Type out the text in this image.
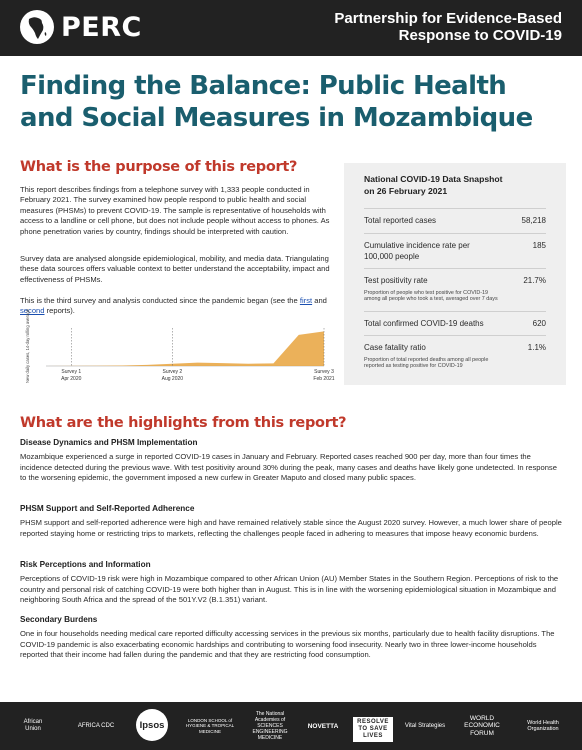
PERC	Partnership for Evidence-Based
Response to COVID-19
Finding the Balance: Public Health
and Social Measures in Mozambique
What is the purpose of this report?
This report describes findings from a telephone survey with 1,333 people conducted in February 2021. The survey examined how people respond to public health and social measures (PHSMs) to prevent COVID-19. The sample is representative of households with access to a landline or cell phone, but does not include people without access to phones. As phone penetration varies by country, findings should be interpreted with caution.
Survey data are analysed alongside epidemiological, mobility, and media data. Triangulating these data sources offers valuable context to better understand the acceptability, impact and effectiveness of PHSMs.
This is the third survey and analysis conducted since the pandemic began (see the first and second reports).
New daily cases, 14-day rolling average	Survey 1
Apr 2020
Survey 2
Aug 2020
Survey 3
Feb 2021
National COVID-19 Data Snapshot on 26 February 2021
Total reported cases	58,218
Cumulative incidence rate per 100,000 people
185
Test positivity rate	21.7%
Proportion of people who test positive for COVID-19 among all people who took a test, averaged over 7 days
Total confirmed COVID-19 deaths	620
Case fatality ratio	1.1%
Proportion of total reported deaths among all people reported as testing positive for COVID-19
What are the highlights from this report?
Disease Dynamics and PHSM Implementation
Mozambique experienced a surge in reported COVID-19 cases in January and February. Reported cases reached 900 per day, more than four times the incidence detected during the previous wave. With test positivity around 30% during the peak, many cases and deaths have likely gone undetected. In response to the worsening epidemic, the government imposed a new curfew in Greater Maputo and closed many public spaces.
PHSM Support and Self-Reported Adherence
PHSM support and self-reported adherence were high and have remained relatively stable since the August 2020 survey. However, a much lower share of people reported staying home or restricting trips to markets, reflecting the challenges people faced in adhering to measures that impose heavy economic burdens.
Risk Perceptions and Information
Perceptions of COVID-19 risk were high in Mozambique compared to other African Union (AU) Member States in the Southern Region. Perceptions of risk to the country and personal risk of catching COVID-19 were both higher than in August. This is in line with the worsening epidemiological situation in Mozambique and neighboring South Africa and the spread of the 501Y.V2 (B.1.351) variant.
Secondary Burdens
One in four households needing medical care reported difficulty accessing services in the previous six months, particularly due to health facility disruptions. The COVID-19 pandemic is also exacerbating economic hardships and contributing to worsening food insecurity. Nearly two in three lower-income households reported that their income had fallen during the pandemic and that they are restricting food consumption.
African Union
AFRICA CDC	Ipsos	LONDON SCHOOL of HYGIENE & TROPICAL MEDICINE
The National Academies of SCIENCES ENGINEERING MEDICINE
NOVETTA
RESOLVE TO SAVE LIVES
Vital Strategies
WORLD ECONOMIC FORUM
World Health Organization
